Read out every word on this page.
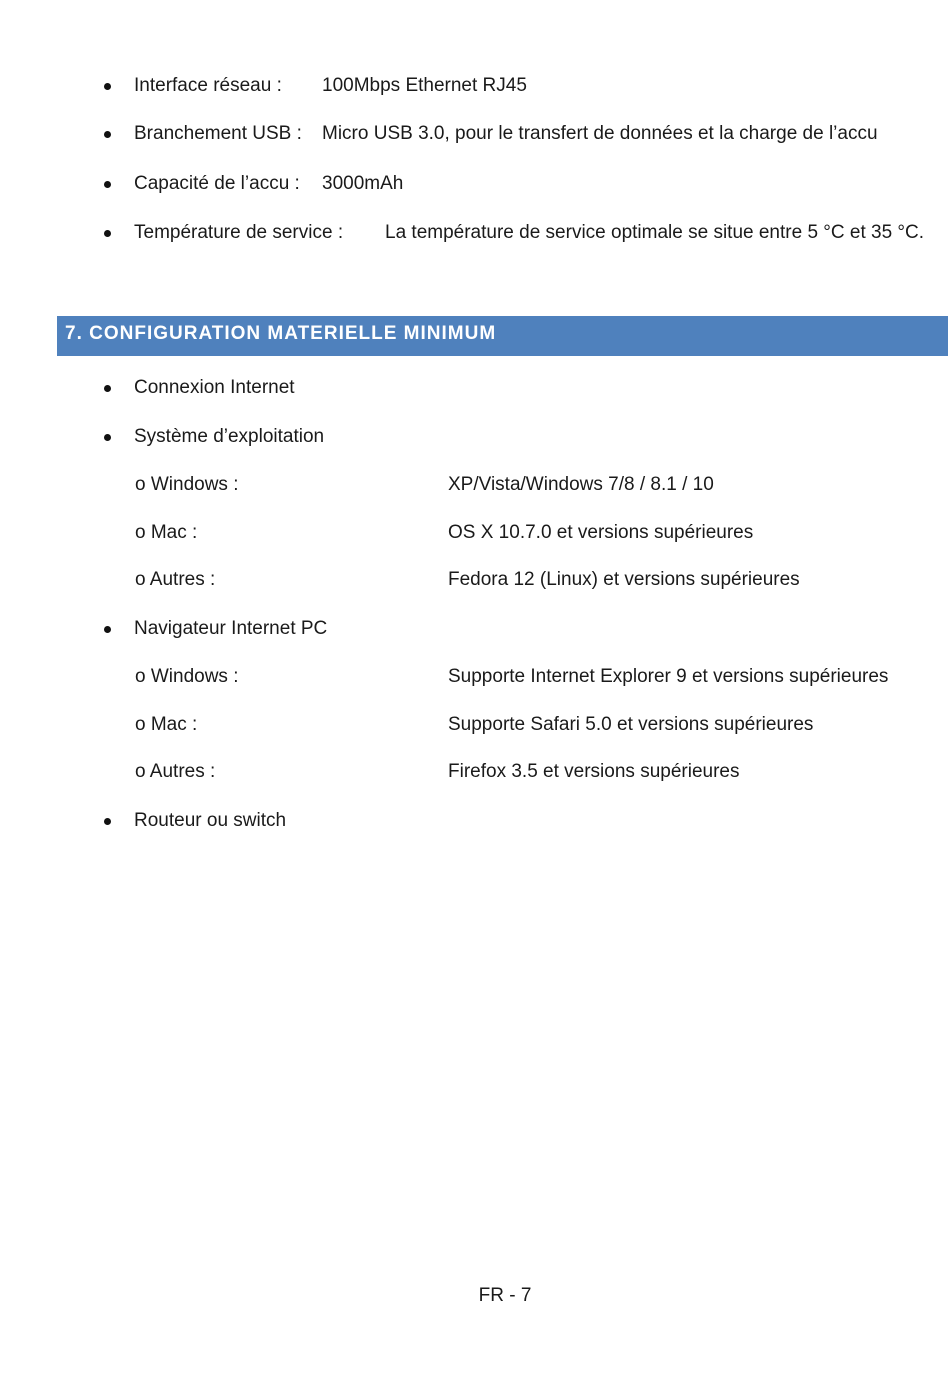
Interface réseau : 100Mbps Ethernet RJ45
Branchement USB : Micro USB 3.0, pour le transfert de données et la charge de l’accu
Capacité de l’accu : 3000mAh
Température de service : La température de service optimale se situe entre 5 °C et 35 °C.
7. CONFIGURATION MATERIELLE MINIMUM
Connexion Internet
Système d’exploitation
o Windows :	XP/Vista/Windows 7/8 / 8.1 / 10
o Mac :	OS X 10.7.0 et versions supérieures
o Autres :	Fedora 12 (Linux) et versions supérieures
Navigateur Internet PC
o Windows :	Supporte Internet Explorer 9 et versions supérieures
o Mac :	Supporte Safari 5.0 et versions supérieures
o Autres :	Firefox 3.5 et versions supérieures
Routeur ou switch
FR - 7
